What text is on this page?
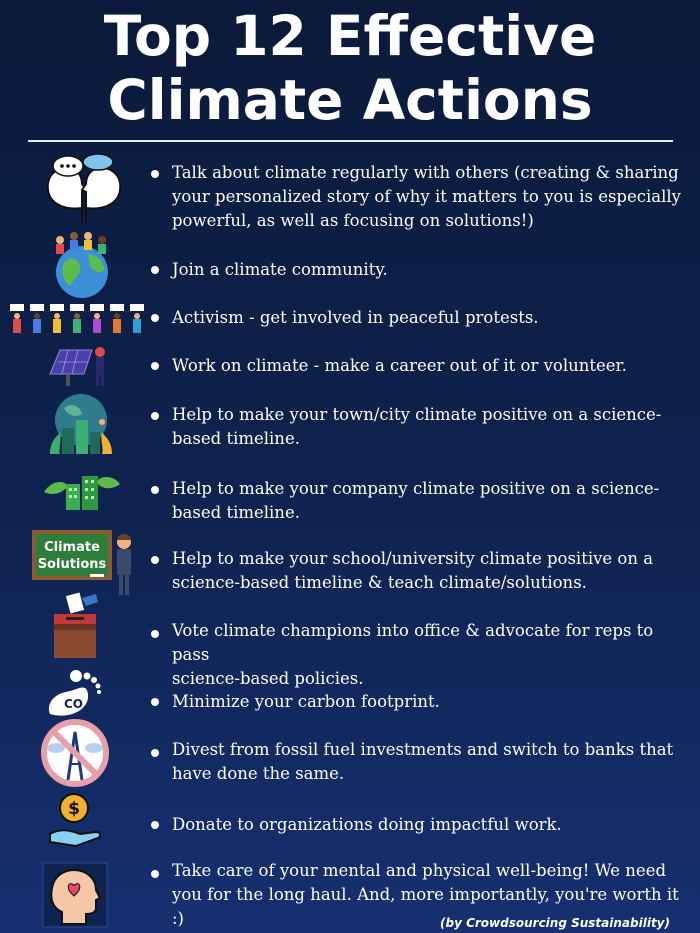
Top 12 Effective
Climate Actions
Talk about climate regularly with others (creating & sharing
your personalized story of why it matters to you is especially
powerful, as well as focusing on solutions!)
Join a climate community.
Activism - get involved in peaceful protests.
Work on climate - make a career out of it or volunteer.
Help to make your town/city climate positive on a science-
based timeline.
Help to make your company climate positive on a science-
based timeline.
Climate
Solutions	Help to make your school/university climate positive on a
science-based timeline & teach climate/solutions.
Vote climate champions into office & advocate for reps to pass
science-based policies.
CO 2	Minimize your carbon footprint.
Divest from fossil fuel investments and switch to banks that
have done the same.
$
Donate to organizations doing impactful work.
Take care of your mental and physical well-being! We need
you for the long haul. And, more importantly, you're worth it :)	(by Crowdsourcing Sustainability)
